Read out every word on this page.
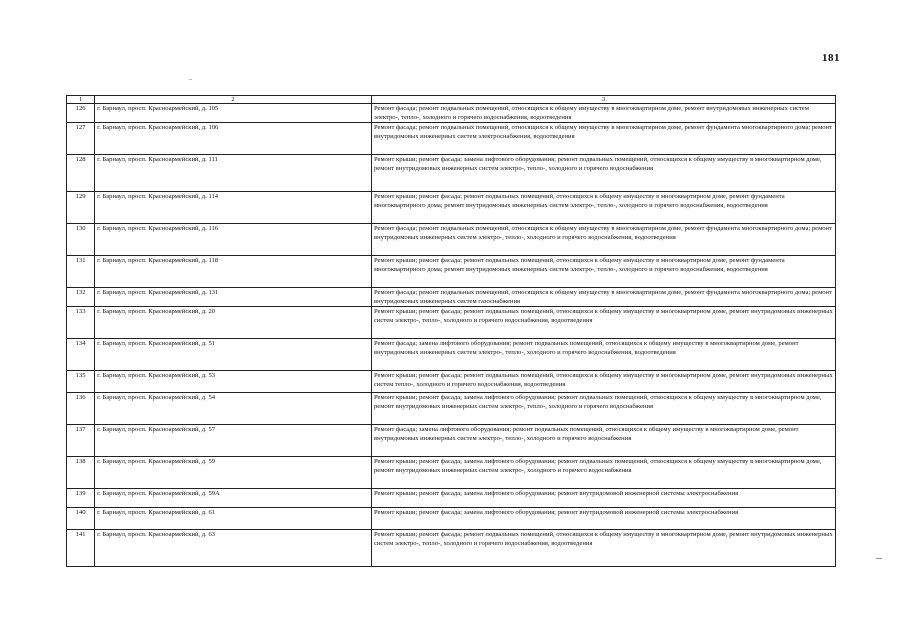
181
1	2	3
126	г. Барнаул, просп. Красноармейский, д. 105	Ремонт фасада; ремонт подвальных помещений, относящихся к общему имуществу в многоквартирном доме, ремонт внутридомовых инженерных систем электро-, тепло-, холодного и горячего водоснабжения, водоотведения
127	г. Барнаул, просп. Красноармейский, д. 106	Ремонт фасада; ремонт подвальных помещений, относящихся к общему имуществу в многоквартирном доме, ремонт фундамента многоквартирного дома; ремонт внутридомовых инженерных систем электроснабжения, водоотведения
128	г. Барнаул, просп. Красноармейский, д. 111	Ремонт крыши; ремонт фасада; замена лифтового оборудования; ремонт подвальных помещений, относящихся к общему имуществу в многоквартирном доме, ремонт внутридомовых инженерных систем электро-, тепло-, холодного и горячего водоснабжения
129	г. Барнаул, просп. Красноармейский, д. 114	Ремонт крыши; ремонт фасада; ремонт подвальных помещений, относящихся к общему имуществу в многоквартирном доме, ремонт фундамента многоквартирного дома; ремонт внутридомовых инженерных систем электро-, тепло-, холодного и горячего водоснабжения, водоотведения
130	г. Барнаул, просп. Красноармейский, д. 116	Ремонт фасада; ремонт подвальных помещений, относящихся к общему имуществу в многоквартирном доме, ремонт фундамента многоквартирного дома; ремонт внутридомовых инженерных систем электро-, тепло-, холодного и горячего водоснабжения, водоотведения
131	г. Барнаул, просп. Красноармейский, д. 118	Ремонт крыши; ремонт фасада; ремонт подвальных помещений, относящихся к общему имуществу в многоквартирном доме, ремонт фундамента многоквартирного дома; ремонт внутридомовых инженерных систем электро-, тепло-, холодного и горячего водоснабжения, водоотведения
132	г. Барнаул, просп. Красноармейский, д. 131	Ремонт фасада; ремонт подвальных помещений, относящихся к общему имуществу в многоквартирном доме, ремонт фундамента многоквартирного дома; ремонт внутридомовых инженерных систем газоснабжения
133	г. Барнаул, просп. Красноармейский, д. 20	Ремонт крыши; ремонт фасада; ремонт подвальных помещений, относящихся к общему имуществу в многоквартирном доме, ремонт внутридомовых инженерных систем электро-, тепло-, холодного и горячего водоснабжения, водоотведения
134	г. Барнаул, просп. Красноармейский, д. 51	Ремонт фасада; замена лифтового оборудования; ремонт подвальных помещений, относящихся к общему имуществу в многоквартирном доме, ремонт внутридомовых инженерных систем электро-, тепло-, холодного и горячего водоснабжения, водоотведения
135	г. Барнаул, просп. Красноармейский, д. 53	Ремонт крыши; ремонт фасада; ремонт подвальных помещений, относящихся к общему имуществу в многоквартирном доме, ремонт внутридомовых инженерных систем тепло-, холодного и горячего водоснабжения, водоотведения
136	г. Барнаул, просп. Красноармейский, д. 54	Ремонт крыши; ремонт фасада; замена лифтового оборудования; ремонт подвальных помещений, относящихся к общему имуществу в многоквартирном доме, ремонт внутридомовых инженерных систем электро-, тепло-, холодного и горячего водоснабжения
137	г. Барнаул, просп. Красноармейский, д. 57	Ремонт фасада; замена лифтового оборудования; ремонт подвальных помещений, относящихся к общему имуществу в многоквартирном доме, ремонт внутридомовых инженерных систем электро-, тепло-, холодного и горячего водоснабжения
138	г. Барнаул, просп. Красноармейский, д. 59	Ремонт крыши; ремонт фасада; замена лифтового оборудования; ремонт подвальных помещений, относящихся к общему имуществу в многоквартирном доме, ремонт внутридомовых инженерных систем электро-, холодного и горячего водоснабжения
139	г. Барнаул, просп. Красноармейский, д. 59А	Ремонт крыши; ремонт фасада; замена лифтового оборудования; ремонт внутридомовой инженерной системы электроснабжения
140	г. Барнаул, просп. Красноармейский, д. 61	Ремонт крыши; ремонт фасада; замена лифтового оборудования; ремонт внутридомовой инженерной системы электроснабжения
141	г. Барнаул, просп. Красноармейский, д. 63	Ремонт крыши; ремонт фасада; ремонт подвальных помещений, относящихся к общему имуществу в многоквартирном доме, ремонт внутридомовых инженерных систем электро-, тепло-, холодного и горячего водоснабжения, водоотведения
